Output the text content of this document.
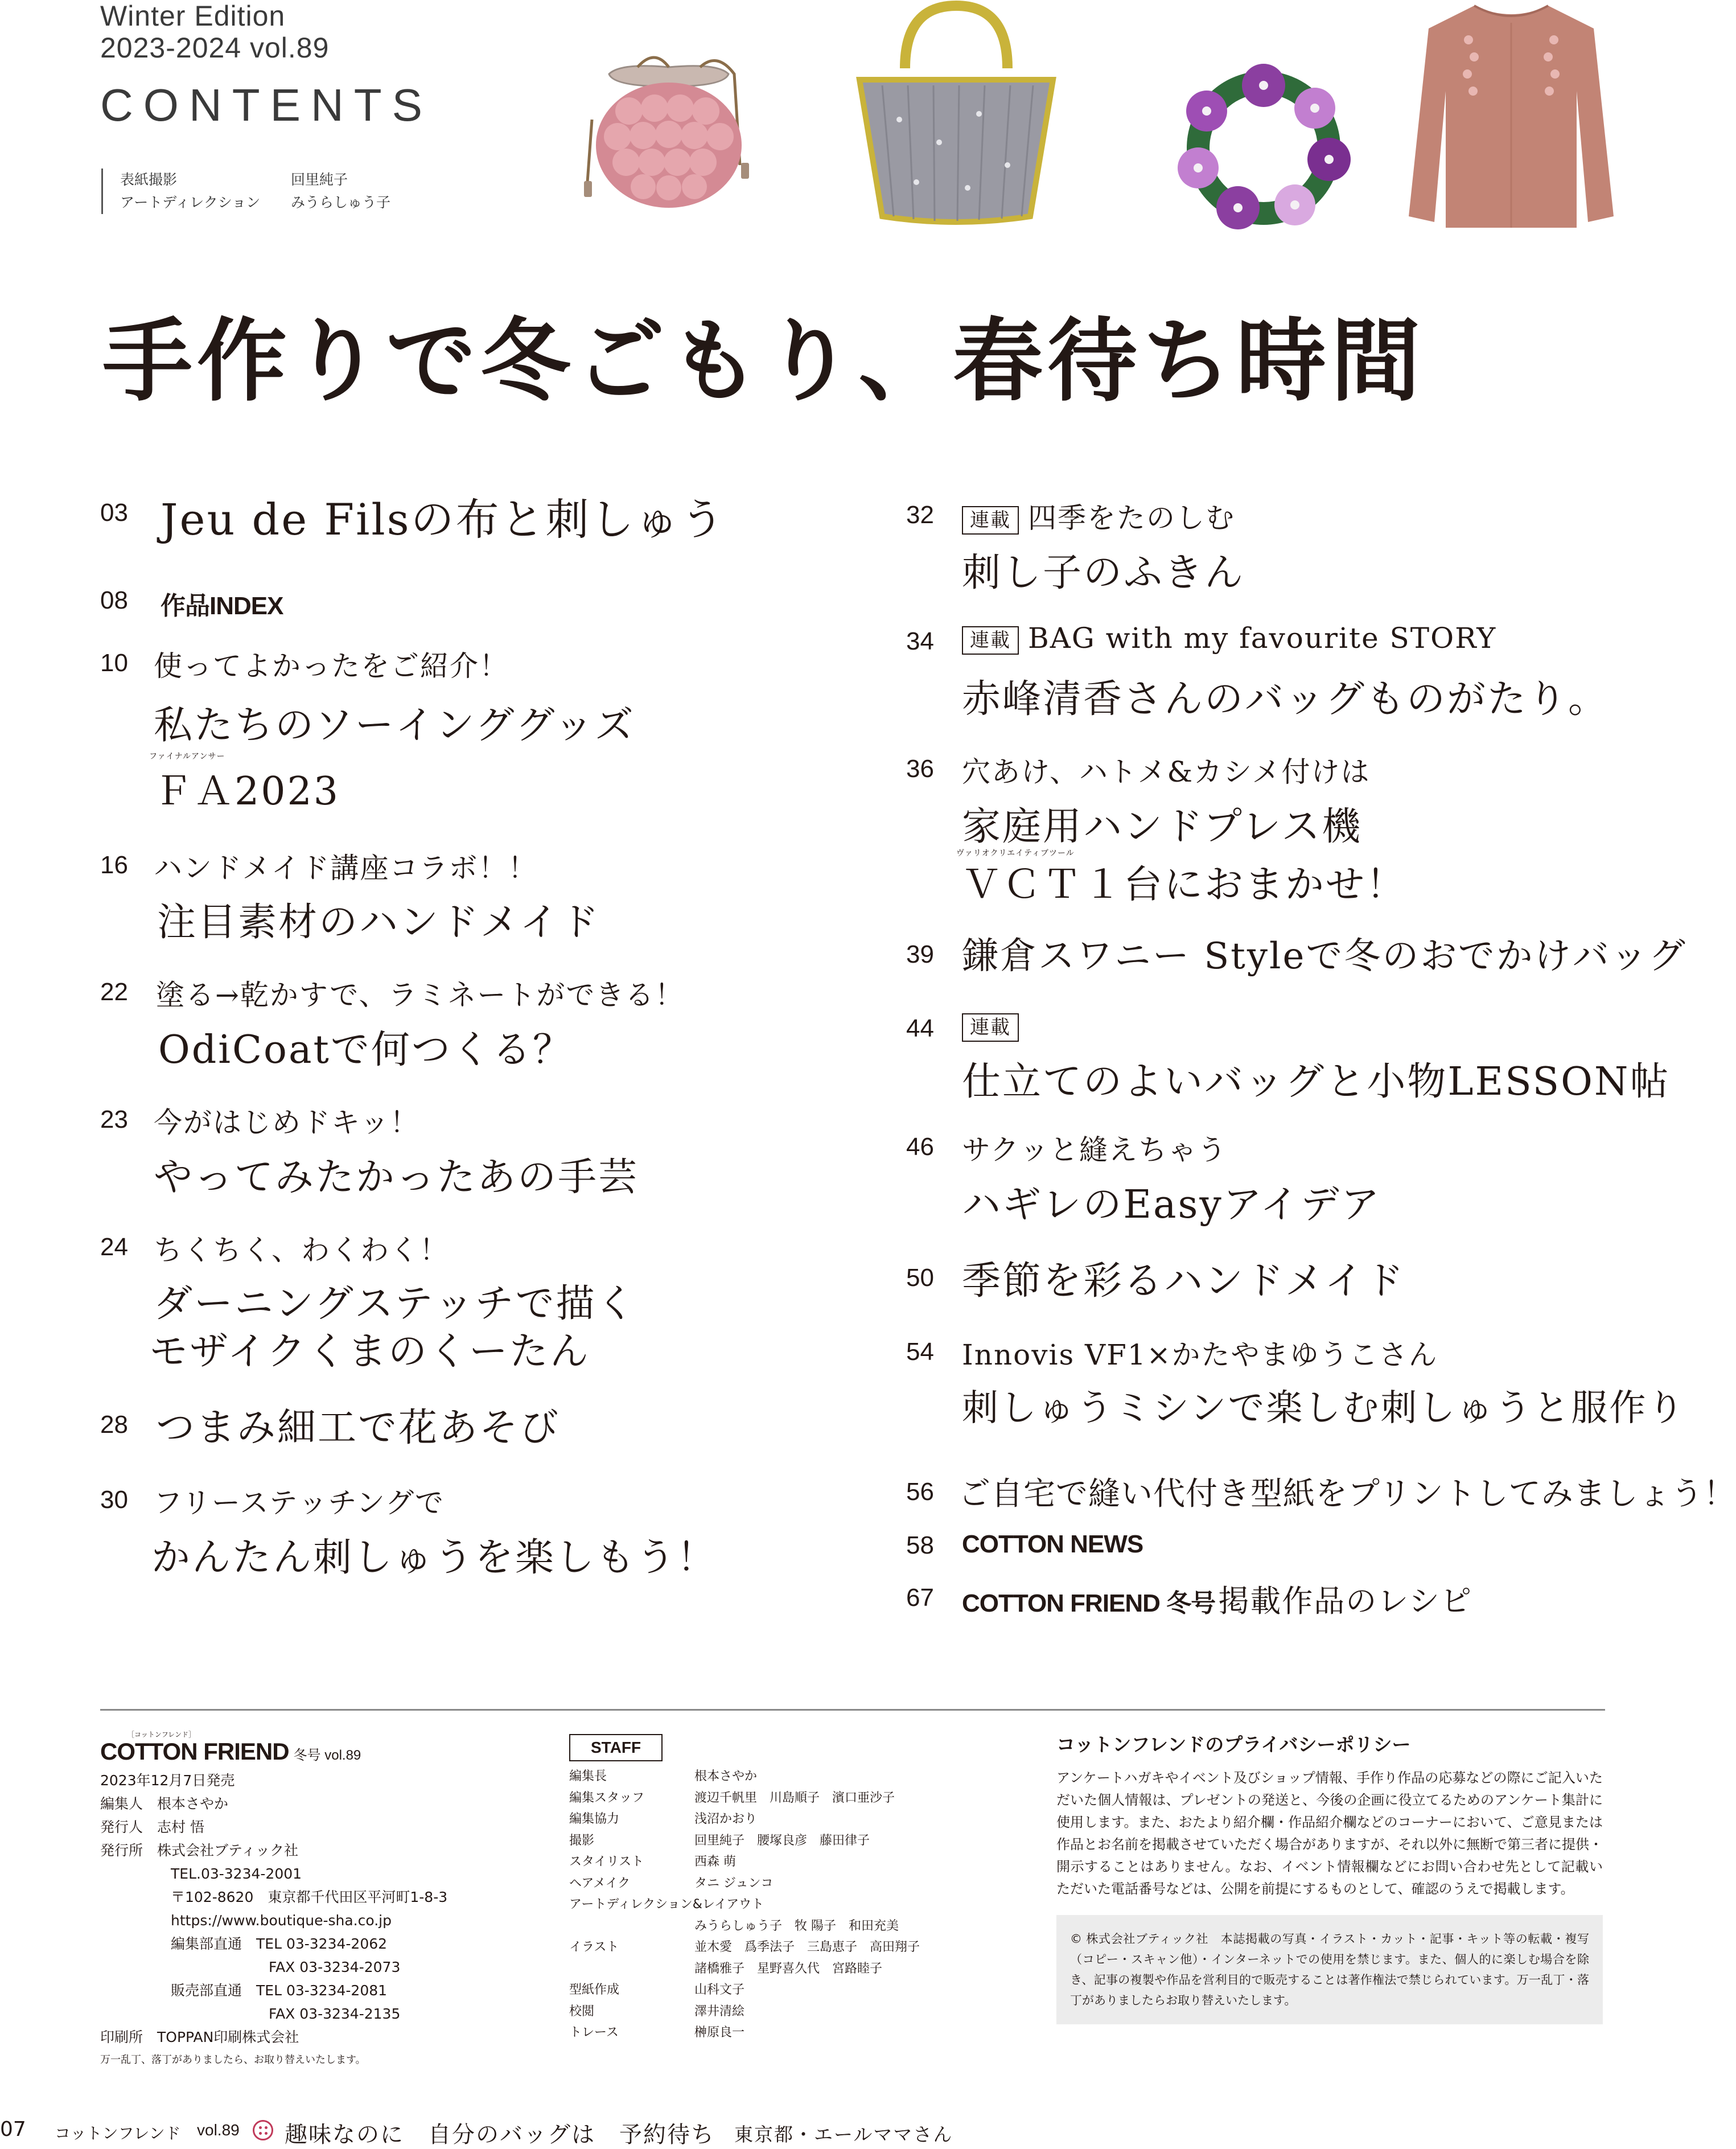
Winter Edition
2023-2024 vol.89
CONTENTS
表紙撮影	回里純子
アートディレクション	みうらしゅう子
手作りで冬ごもり、春待ち時間
03 Jeu de Filsの布と刺しゅう
08 作品INDEX
10 使ってよかったをご紹介！
私たちのソーインググッズ
ファイナルアンサー
ＦＡ2023
16 ハンドメイド講座コラボ！！
注目素材のハンドメイド
22 塗る→乾かすで、ラミネートができる！
OdiCoatで何つくる？
23 今がはじめドキッ！
やってみたかったあの手芸
24 ちくちく、わくわく！
ダーニングステッチで描く
モザイクくまのくーたん
28 つまみ細工で花あそび
30 フリーステッチングで
かんたん刺しゅうを楽しもう！
32	連載 四季をたのしむ
刺し子のふきん
34	連載 BAG with my favourite STORY
赤峰清香さんのバッグものがたり。
36 穴あけ、ハトメ&カシメ付けは
家庭用ハンドプレス機
ヴァリオクリエイティブツール
ＶＣＴ１台におまかせ！
39 鎌倉スワニー Styleで冬のおでかけバッグ
44	連載
仕立てのよいバッグと小物LESSON帖
46 サクッと縫えちゃう
ハギレのEasyアイデア
50 季節を彩るハンドメイド
54 Innovis VF1×かたやまゆうこさん
刺しゅうミシンで楽しむ刺しゅうと服作り
56 ご自宅で縫い代付き型紙をプリントしてみましょう！
58 COTTON NEWS
67 COTTON FRIEND 冬号 掲載作品のレシピ
［コットンフレンド］
COTTON FRIEND 冬号 vol.89
2023年12月7日発売
編集人　根本さやか
発行人　志村 悟
発行所　株式会社ブティック社
TEL.03-3234-2001
〒102-8620　東京都千代田区平河町1-8-3
https://www.boutique-sha.co.jp
編集部直通　TEL 03-3234-2062
FAX 03-3234-2073
販売部直通　TEL 03-3234-2081
FAX 03-3234-2135
印刷所　TOPPAN印刷株式会社
万一乱丁、落丁がありましたら、お取り替えいたします。
STAFF
編集長	根本さやか
編集スタッフ	渡辺千帆里　川島順子　濱口亜沙子
編集協力	浅沼かおり
撮影	回里純子　腰塚良彦　藤田律子
スタイリスト	西森 萌
ヘアメイク	タニ ジュンコ
アートディレクション&レイアウト
みうらしゅう子　牧 陽子　和田充美
イラスト	並木愛　爲季法子　三島恵子　高田翔子
諸橋雅子　星野喜久代　宮路睦子
型紙作成	山科文子
校閲	澤井清絵
トレース	榊原良一
コットンフレンドのプライバシーポリシー
アンケートハガキやイベント及びショップ情報、手作り作品の応募などの際にご記入いただいた個人情報は、プレゼントの発送と、今後の企画に役立てるためのアンケート集計に使用します。また、おたより紹介欄・作品紹介欄などのコーナーにおいて、ご意見または作品とお名前を掲載させていただく場合がありますが、それ以外に無断で第三者に提供・開示することはありません。なお、イベント情報欄などにお問い合わせ先として記載いただいた電話番号などは、公開を前提にするものとして、確認のうえで掲載します。
© 株式会社ブティック社　本誌掲載の写真・イラスト・カット・記事・キット等の転載・複写（コピー・スキャン他）・インターネットでの使用を禁じます。また、個人的に楽しむ場合を除き、記事の複製や作品を営利目的で販売することは著作権法で禁じられています。万一乱丁・落丁がありましたらお取り替えいたします。
07 コットンフレンド vol.89 趣味なのに　自分のバッグは　予約待ち 東京都・エールママさん
